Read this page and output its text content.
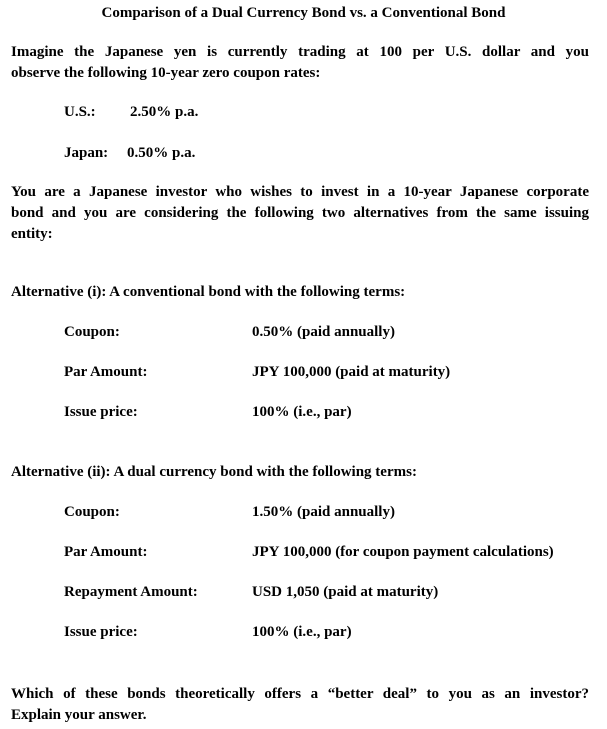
Comparison of a Dual Currency Bond vs. a Conventional Bond
Imagine the Japanese yen is currently trading at 100 per U.S. dollar and you
observe the following 10-year zero coupon rates:
U.S.: 2.50% p.a.
Japan: 0.50% p.a.
You are a Japanese investor who wishes to invest in a 10-year Japanese corporate
bond and you are considering the following two alternatives from the same issuing
entity:
Alternative (i): A conventional bond with the following terms:
Coupon:	0.50% (paid annually)
Par Amount:	JPY 100,000 (paid at maturity)
Issue price:	100% (i.e., par)
Alternative (ii): A dual currency bond with the following terms:
Coupon:	1.50% (paid annually)
Par Amount:	JPY 100,000 (for coupon payment calculations)
Repayment Amount:	USD 1,050 (paid at maturity)
Issue price:	100% (i.e., par)
Which of these bonds theoretically offers a “better deal” to you as an investor?
Explain your answer.
